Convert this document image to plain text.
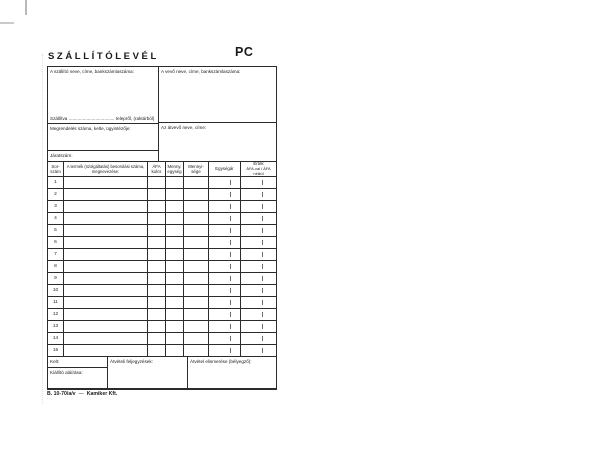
SZÁLLÍTÓLEVÉL	PC
A szállító neve, címe, bankszámlaszáma:
Szállítva .................................... telepről, (raktárból)
Megrendelés száma, kelte, ügyintézője:
Járatszám:
A vevő neve, címe, bankszámlaszáma:
Az átvevő neve, címe:
Sor-
szám
A termék (szolgáltatás) besorolási száma,
megnevezése:
ÁFA
kulcs
Menny.
egység
Mennyi-
sége
Egységár
Érték
ÁFA-val / ÁFA nélkül
1
2
3
4
5
6
7
8
9
10
11
12
13
14
15
Kelt:
Kiállító aláírása:
Átvételi feljegyzések:	Átvétel elismerése (bélyegző):
B. 10-70/a/v — Kamiker Kft.
